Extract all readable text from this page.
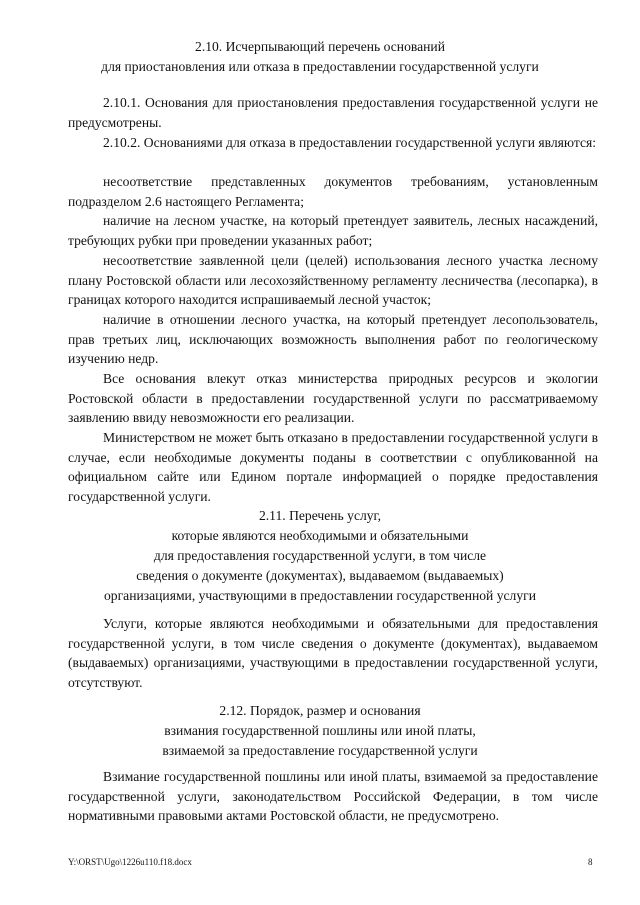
2.10. Исчерпывающий перечень оснований
для приостановления или отказа в предоставлении государственной услуги

2.10.1. Основания для приостановления предоставления государственной услуги не предусмотрены.

2.10.2. Основаниями для отказа в предоставлении государственной услуги являются:

несоответствие представленных документов требованиям, установленным подразделом 2.6 настоящего Регламента;

наличие на лесном участке, на который претендует заявитель, лесных насаждений, требующих рубки при проведении указанных работ;

несоответствие заявленной цели (целей) использования лесного участка лесному плану Ростовской области или лесохозяйственному регламенту лесничества (лесопарка), в границах которого находится испрашиваемый лесной участок;

наличие в отношении лесного участка, на который претендует лесопользователь, прав третьих лиц, исключающих возможность выполнения работ по геологическому изучению недр.

Все основания влекут отказ министерства природных ресурсов и экологии Ростовской области в предоставлении государственной услуги по рассматриваемому заявлению ввиду невозможности его реализации.

Министерством не может быть отказано в предоставлении государственной услуги в случае, если необходимые документы поданы в соответствии с опубликованной на официальном сайте или Едином портале информацией о порядке предоставления государственной услуги.

2.11. Перечень услуг,
которые являются необходимыми и обязательными
для предоставления государственной услуги, в том числе
сведения о документе (документах), выдаваемом (выдаваемых)
организациями, участвующими в предоставлении государственной услуги

Услуги, которые являются необходимыми и обязательными для предоставления государственной услуги, в том числе сведения о документе (документах), выдаваемом (выдаваемых) организациями, участвующими в предоставлении государственной услуги, отсутствуют.

2.12. Порядок, размер и основания
взимания государственной пошлины или иной платы,
взимаемой за предоставление государственной услуги

Взимание государственной пошлины или иной платы, взимаемой за предоставление государственной услуги, законодательством Российской Федерации, в том числе нормативными правовыми актами Ростовской области, не предусмотрено.

Y:\ORST\Ugo\1226u110.f18.docx	8
